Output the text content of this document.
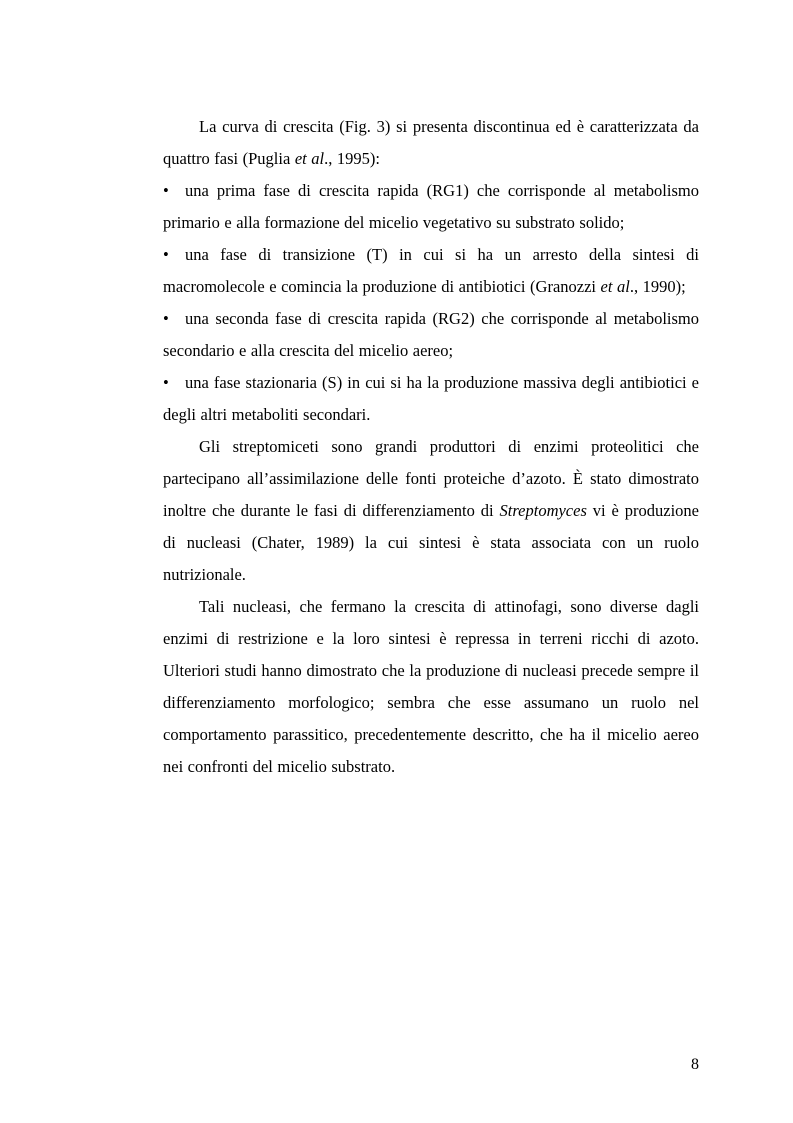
La curva di crescita (Fig. 3) si presenta discontinua ed è caratterizzata da quattro fasi (Puglia et al., 1995):

• una prima fase di crescita rapida (RG1) che corrisponde al metabolismo primario e alla formazione del micelio vegetativo su substrato solido;

• una fase di transizione (T) in cui si ha un arresto della sintesi di macromolecole e comincia la produzione di antibiotici (Granozzi et al., 1990);

• una seconda fase di crescita rapida (RG2) che corrisponde al metabolismo secondario e alla crescita del micelio aereo;

• una fase stazionaria (S) in cui si ha la produzione massiva degli antibiotici e degli altri metaboliti secondari.

Gli streptomiceti sono grandi produttori di enzimi proteolitici che partecipano all’assimilazione delle fonti proteiche d’azoto. È stato dimostrato inoltre che durante le fasi di differenziamento di Streptomyces vi è produzione di nucleasi (Chater, 1989) la cui sintesi è stata associata con un ruolo nutrizionale.

Tali nucleasi, che fermano la crescita di attinofagi, sono diverse dagli enzimi di restrizione e la loro sintesi è repressa in terreni ricchi di azoto. Ulteriori studi hanno dimostrato che la produzione di nucleasi precede sempre il differenziamento morfologico; sembra che esse assumano un ruolo nel comportamento parassitico, precedentemente descritto, che ha il micelio aereo nei confronti del micelio substrato.

8
